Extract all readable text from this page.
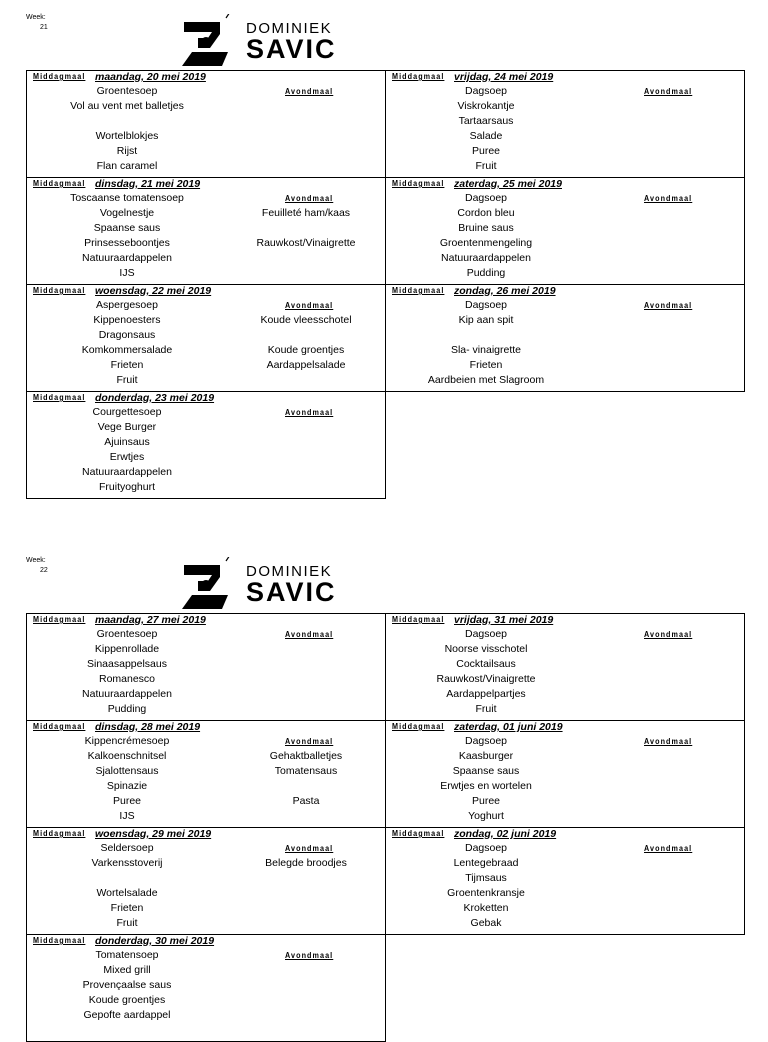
Week:
21	DOMINIEK
SAVIC
Middagmaal maandag, 20 mei 2019
Avondmaal
Groentesoep
Vol au vent met balletjes
Wortelblokjes
Rijst
Flan caramel
Middagmaal dinsdag, 21 mei 2019
Avondmaal
Toscaanse tomatensoep
Vogelnestje
Spaanse saus
Prinsesseboontjes
Natuuraardappelen
IJS
Feuilleté ham/kaas
Rauwkost/Vinaigrette
Middagmaal woensdag, 22 mei 2019
Avondmaal
Aspergesoep
Kippenoesters
Dragonsaus
Komkommersalade
Frieten
Fruit
Koude vleesschotel
Koude groentjes
Aardappelsalade
Middagmaal donderdag, 23 mei 2019
Avondmaal
Courgettesoep
Vege Burger
Ajuinsaus
Erwtjes
Natuuraardappelen
Fruityoghurt
Middagmaal vrijdag, 24 mei 2019
Avondmaal
Dagsoep
Viskrokantje
Tartaarsaus
Salade
Puree
Fruit
Middagmaal zaterdag, 25 mei 2019
Avondmaal
Dagsoep
Cordon bleu
Bruine saus
Groentenmengeling
Natuuraardappelen
Pudding
Middagmaal zondag, 26 mei 2019
Avondmaal
Dagsoep
Kip aan spit
Sla- vinaigrette
Frieten
Aardbeien met Slagroom
Week:
22	DOMINIEK
SAVIC
Middagmaal maandag, 27 mei 2019
Avondmaal
Groentesoep
Kippenrollade
Sinaasappelsaus
Romanesco
Natuuraardappelen
Pudding
Middagmaal dinsdag, 28 mei 2019
Avondmaal
Kippencrémesoep
Kalkoenschnitsel
Sjalottensaus
Spinazie
Puree
IJS
Gehaktballetjes
Tomatensaus
Pasta
Middagmaal woensdag, 29 mei 2019
Avondmaal
Seldersoep
Varkensstoverij
Wortelsalade
Frieten
Fruit
Belegde broodjes
Middagmaal donderdag, 30 mei 2019
Avondmaal
Tomatensoep
Mixed grill
Provençaalse saus
Koude groentjes
Gepofte aardappel
Middagmaal vrijdag, 31 mei 2019
Avondmaal
Dagsoep
Noorse visschotel
Cocktailsaus
Rauwkost/Vinaigrette
Aardappelpartjes
Fruit
Middagmaal zaterdag, 01 juni 2019
Avondmaal
Dagsoep
Kaasburger
Spaanse saus
Erwtjes en wortelen
Puree
Yoghurt
Middagmaal zondag, 02 juni 2019
Avondmaal
Dagsoep
Lentegebraad
Tijmsaus
Groentenkransje
Kroketten
Gebak
